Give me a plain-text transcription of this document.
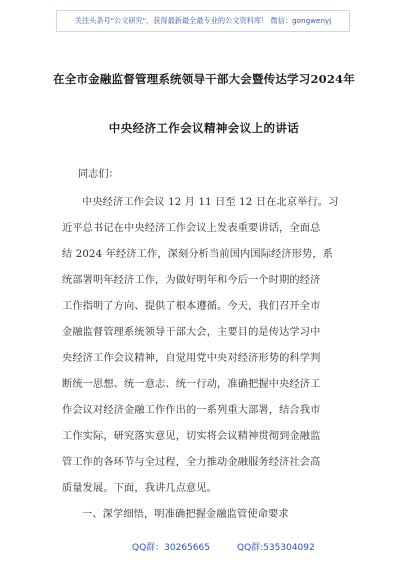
关注头条号"公文研究"，获得最新最全最专业的公文资料库！ 微信：gongwenyj
在全市金融监督管理系统领导干部大会暨传达学习2024年
中央经济工作会议精神会议上的讲话
同志们：
中央经济工作会议 12 月 11 日至 12 日在北京举行。习
近平总书记在中央经济工作会议上发表重要讲话，全面总
结 2024 年经济工作，深刻分析当前国内国际经济形势，系
统部署明年经济工作，为做好明年和今后一个时期的经济
工作指明了方向、提供了根本遵循。今天，我们召开全市
金融监督管理系统领导干部大会，主要目的是传达学习中
央经济工作会议精神，自觉用党中央对经济形势的科学判
断统一思想、统一意志、统一行动，准确把握中央经济工
作会议对经济金融工作作出的一系列重大部署，结合我市
工作实际，研究落实意见，切实将会议精神贯彻到金融监
管工作的各环节与全过程，全力推动金融服务经济社会高
质量发展。下面，我讲几点意见。
一、深学细悟，明准确把握金融监管使命要求
QQ群：30265665	QQ群:535304092
